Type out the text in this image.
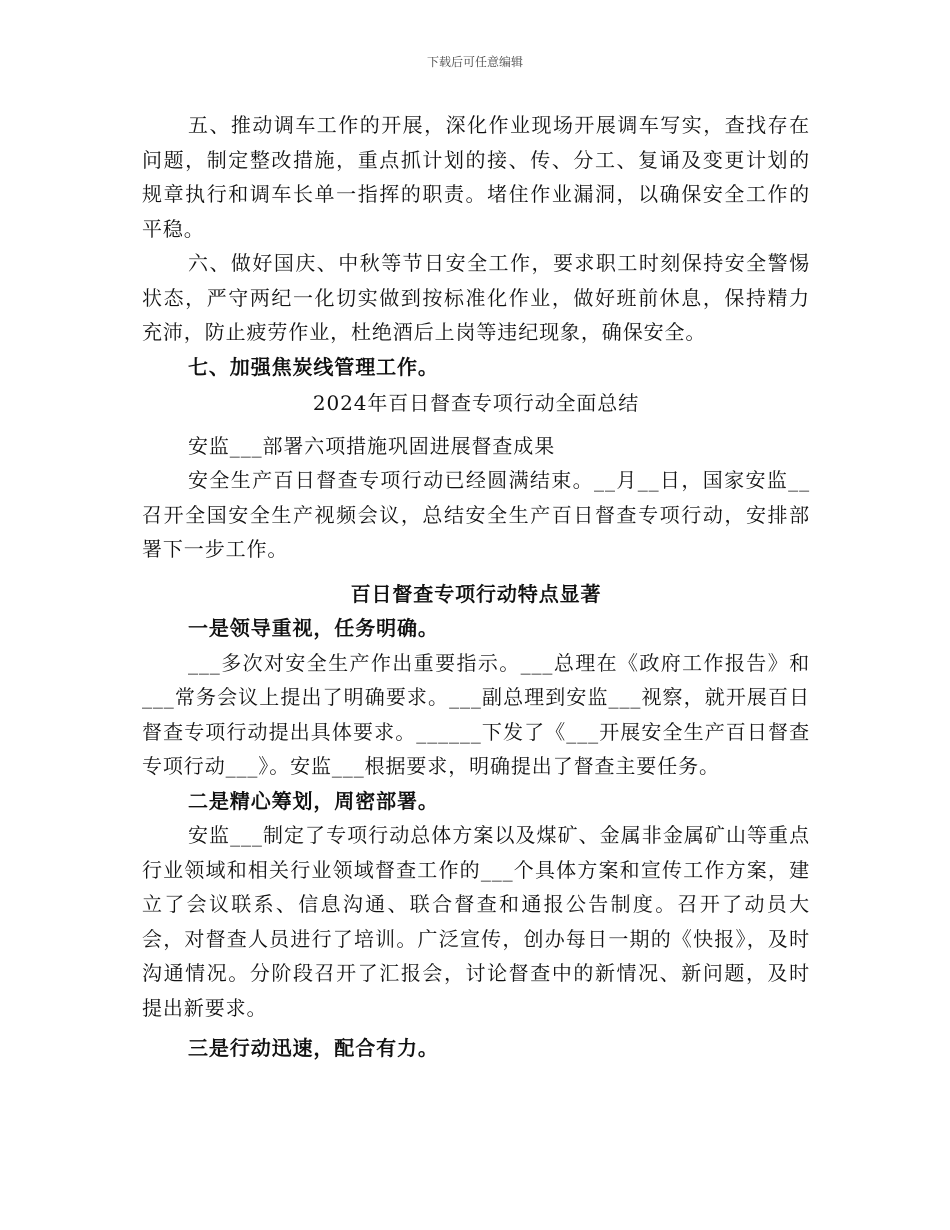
下载后可任意编辑

五、推动调车工作的开展，深化作业现场开展调车写实，查找存在问题，制定整改措施，重点抓计划的接、传、分工、复诵及变更计划的规章执行和调车长单一指挥的职责。堵住作业漏洞，以确保安全工作的平稳。

六、做好国庆、中秋等节日安全工作，要求职工时刻保持安全警惕状态，严守两纪一化切实做到按标准化作业，做好班前休息，保持精力充沛，防止疲劳作业，杜绝酒后上岗等违纪现象，确保安全。

七、加强焦炭线管理工作。

2024年百日督查专项行动全面总结

安监___部署六项措施巩固进展督查成果

安全生产百日督查专项行动已经圆满结束。__月__日，国家安监__召开全国安全生产视频会议，总结安全生产百日督查专项行动，安排部署下一步工作。

百日督查专项行动特点显著

一是领导重视，任务明确。

___多次对安全生产作出重要指示。___总理在《政府工作报告》和___常务会议上提出了明确要求。___副总理到安监___视察，就开展百日督查专项行动提出具体要求。______下发了《___开展安全生产百日督查专项行动___》。安监___根据要求，明确提出了督查主要任务。

二是精心筹划，周密部署。

安监___制定了专项行动总体方案以及煤矿、金属非金属矿山等重点行业领域和相关行业领域督查工作的___个具体方案和宣传工作方案，建立了会议联系、信息沟通、联合督查和通报公告制度。召开了动员大会，对督查人员进行了培训。广泛宣传，创办每日一期的《快报》，及时沟通情况。分阶段召开了汇报会，讨论督查中的新情况、新问题，及时提出新要求。

三是行动迅速，配合有力。
